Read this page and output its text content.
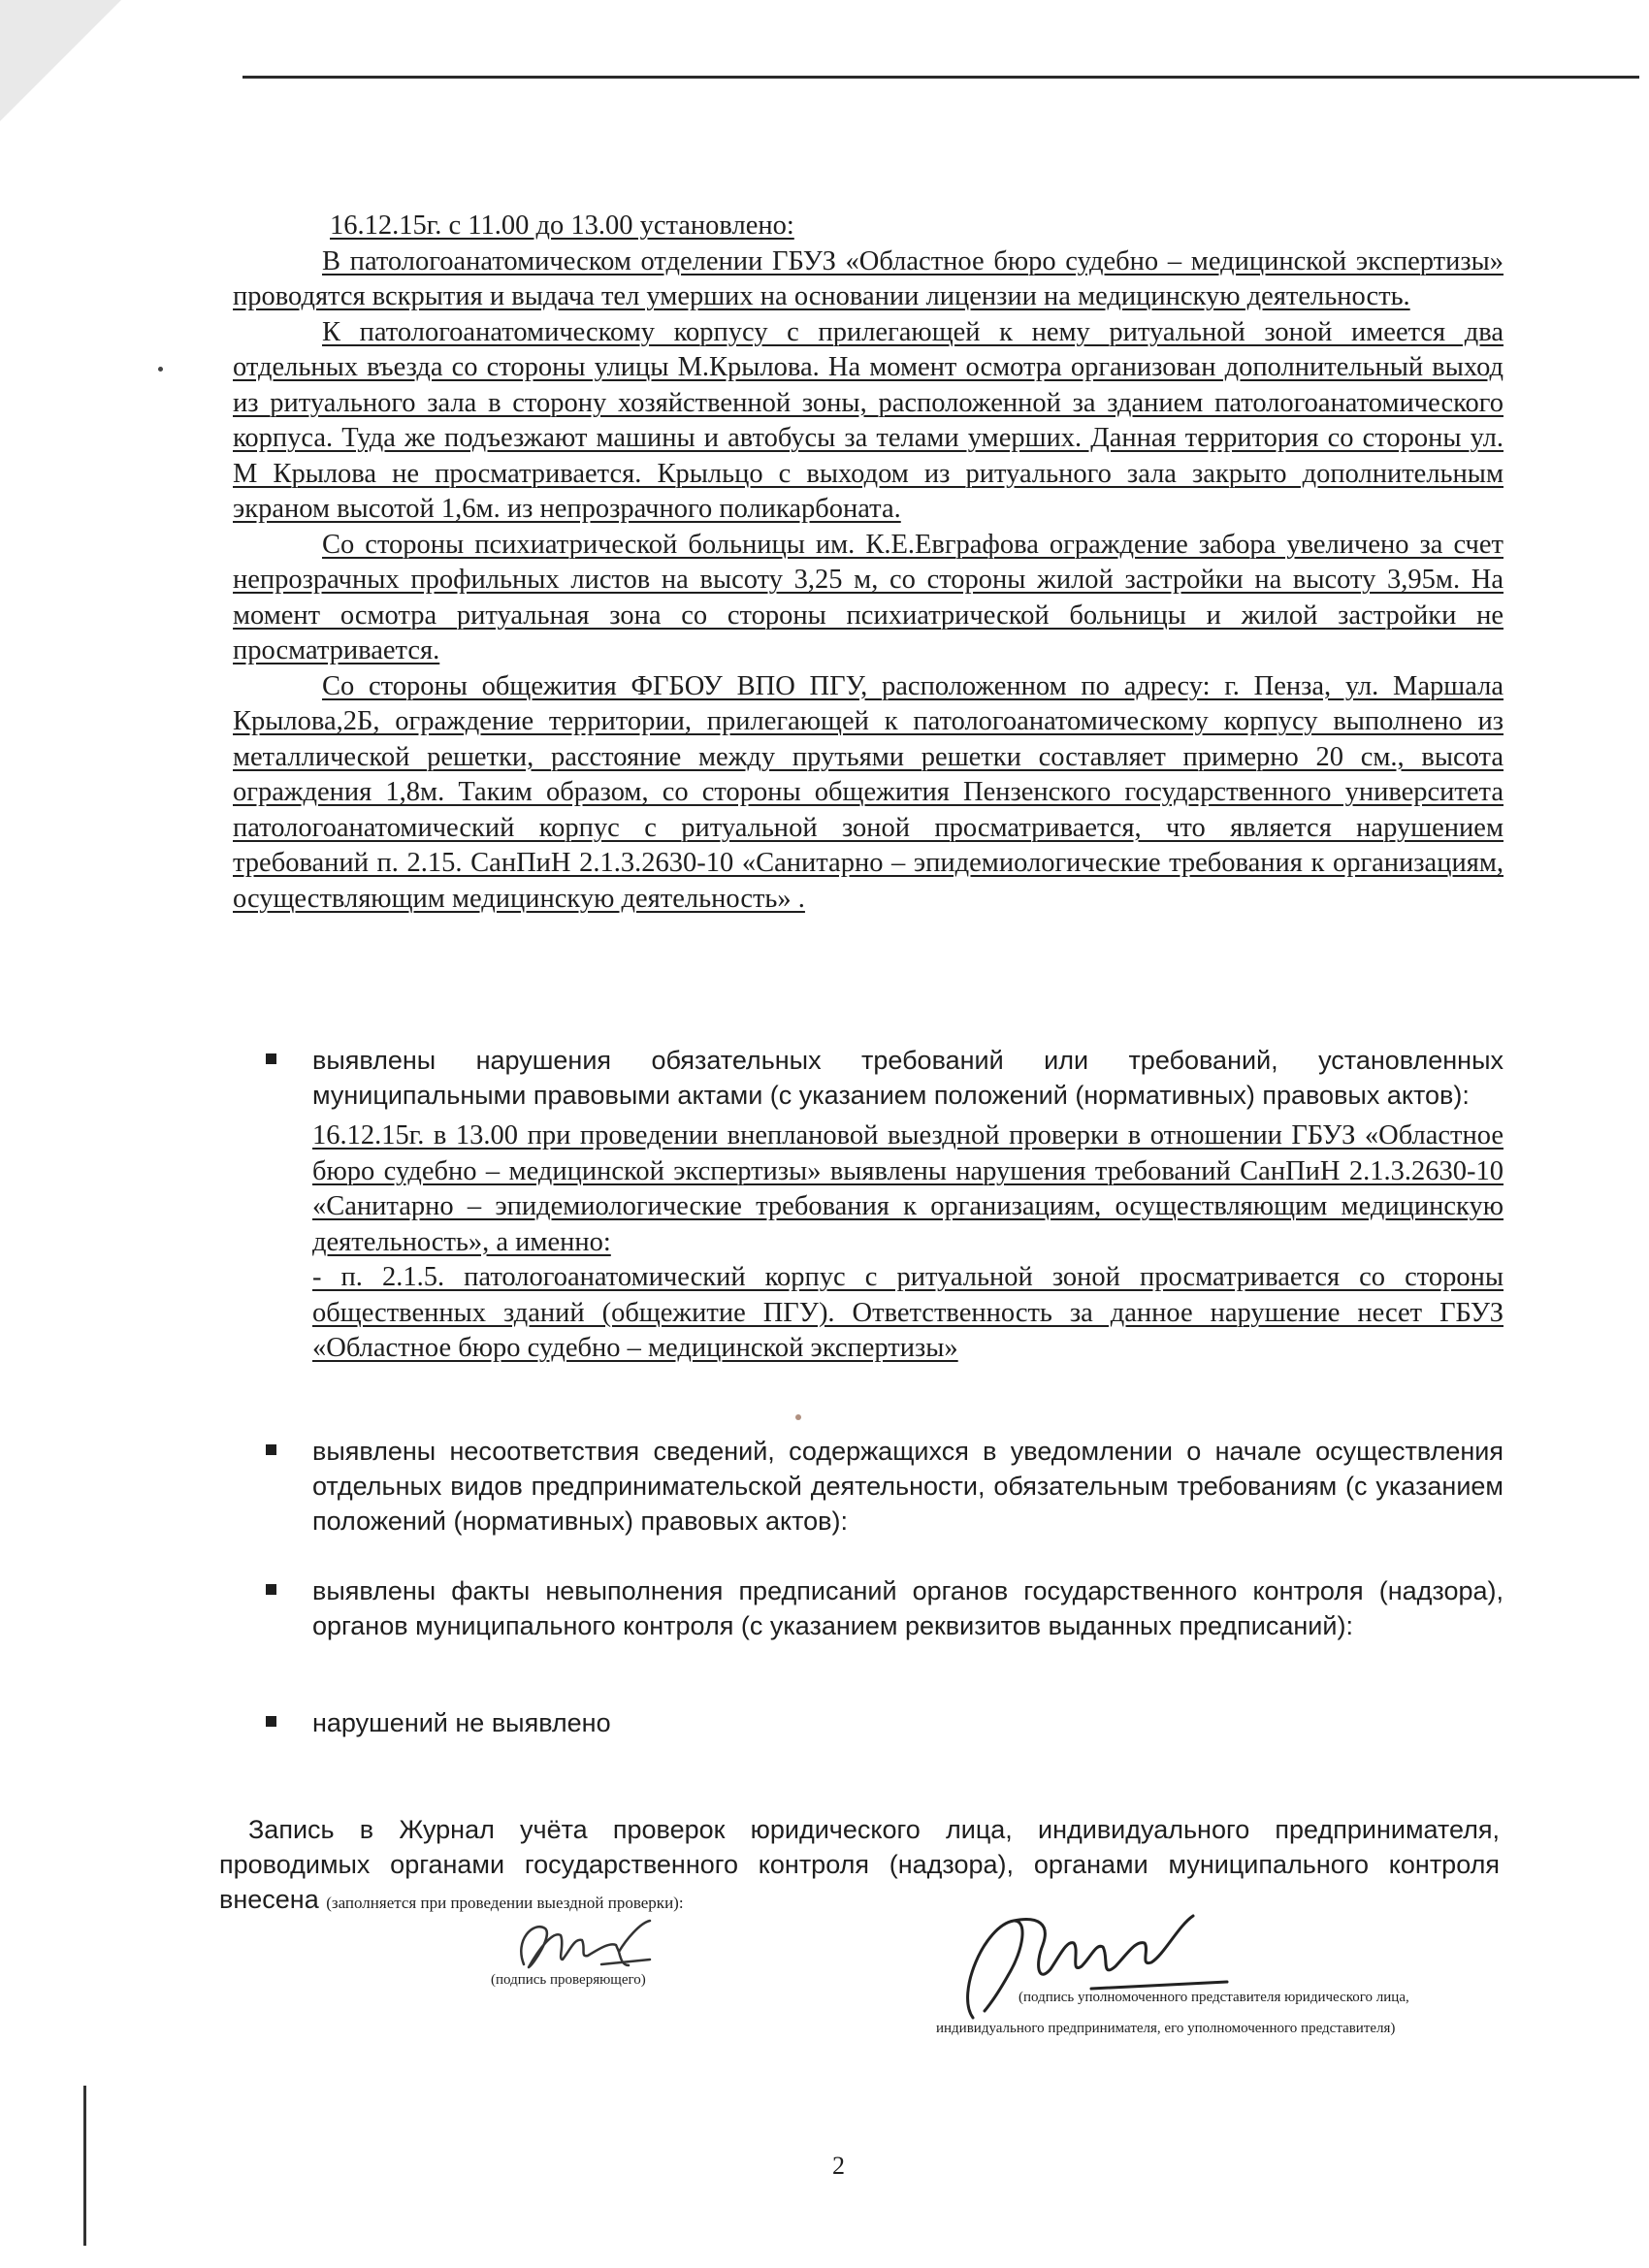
16.12.15г. с 11.00 до 13.00 установлено:

В патологоанатомическом отделении ГБУЗ «Областное бюро судебно – медицинской экспертизы» проводятся вскрытия и выдача тел умерших на основании лицензии на медицинскую деятельность.

К патологоанатомическому корпусу с прилегающей к нему ритуальной зоной имеется два отдельных въезда со стороны улицы М.Крылова. На момент осмотра организован дополнительный выход из ритуального зала в сторону хозяйственной зоны, расположенной за зданием патологоанатомического корпуса. Туда же подъезжают машины и автобусы за телами умерших. Данная территория со стороны ул. М Крылова не просматривается. Крыльцо с выходом из ритуального зала закрыто дополнительным экраном высотой 1,6м. из непрозрачного поликарбоната.

Со стороны психиатрической больницы им. К.Е.Евграфова ограждение забора увеличено за счет непрозрачных профильных листов на высоту 3,25 м, со стороны жилой застройки на высоту 3,95м. На момент осмотра ритуальная зона со стороны психиатрической больницы и жилой застройки не просматривается.

Со стороны общежития ФГБОУ ВПО ПГУ, расположенном по адресу: г. Пенза, ул. Маршала Крылова,2Б, ограждение территории, прилегающей к патологоанатомическому корпусу выполнено из металлической решетки, расстояние между прутьями решетки составляет примерно 20 см., высота ограждения 1,8м. Таким образом, со стороны общежития Пензенского государственного университета патологоанатомический корпус с ритуальной зоной просматривается, что является нарушением требований п. 2.15. СанПиН 2.1.3.2630-10 «Санитарно – эпидемиологические требования к организациям, осуществляющим медицинскую деятельность» .

выявлены нарушения обязательных требований или требований, установленных муниципальными правовыми актами (с указанием положений (нормативных) правовых актов):
16.12.15г. в 13.00 при проведении внеплановой выездной проверки в отношении ГБУЗ «Областное бюро судебно – медицинской экспертизы» выявлены нарушения требований СанПиН 2.1.3.2630-10 «Санитарно – эпидемиологические требования к организациям, осуществляющим медицинскую деятельность», а именно:
- п. 2.1.5. патологоанатомический корпус с ритуальной зоной просматривается со стороны общественных зданий (общежитие ПГУ). Ответственность за данное нарушение несет ГБУЗ «Областное бюро судебно – медицинской экспертизы»
выявлены несоответствия сведений, содержащихся в уведомлении о начале осуществления отдельных видов предпринимательской деятельности, обязательным требованиям (с указанием положений (нормативных) правовых актов):
выявлены факты невыполнения предписаний органов государственного контроля (надзора), органов муниципального контроля (с указанием реквизитов выданных предписаний):
нарушений не выявлено

Запись в Журнал учёта проверок юридического лица, индивидуального предпринимателя, проводимых органами государственного контроля (надзора), органами муниципального контроля внесена (заполняется при проведении выездной проверки):

(подпись проверяющего)
(подпись уполномоченного представителя юридического лица,
индивидуального предпринимателя, его уполномоченного представителя)
2
